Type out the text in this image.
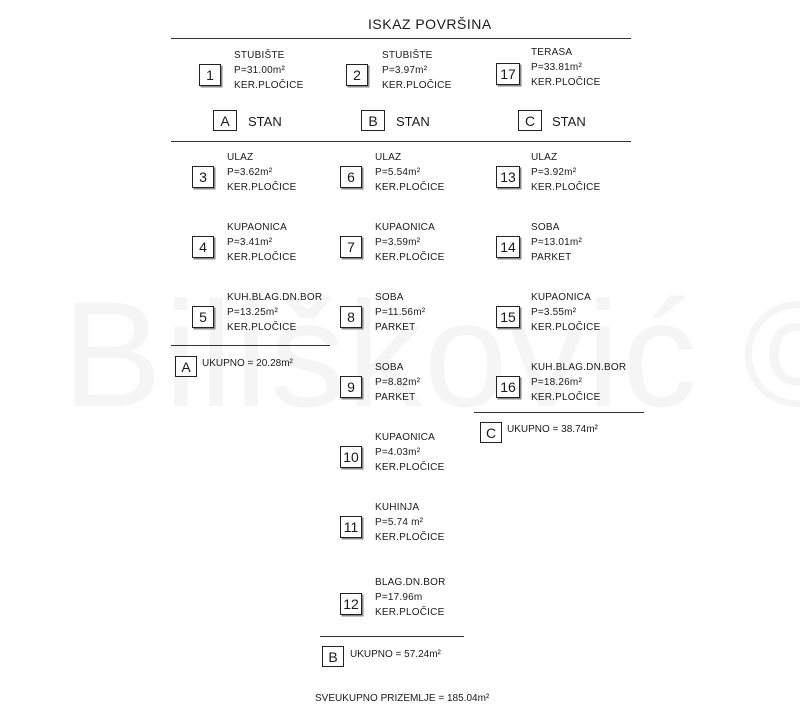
ISKAZ POVRŠINA
1
STUBIŠTE
P=31.00m²
KER.PLOČICE
2
STUBIŠTE
P=3.97m²
KER.PLOČICE
17
TERASA
P=33.81m²
KER.PLOČICE
A STAN	B STAN	C STAN
3
ULAZ
P=3.62m²
KER.PLOČICE
4
KUPAONICA
P=3.41m²
KER.PLOČICE
5
KUH.BLAG.DN.BOR
P=13.25m²
KER.PLOČICE
A UKUPNO = 20.28m²
6
ULAZ
P=5.54m²
KER.PLOČICE
7
KUPAONICA
P=3.59m²
KER.PLOČICE
8
SOBA
P=11.56m²
PARKET
9
SOBA
P=8.82m²
PARKET
10
KUPAONICA
P=4.03m²
KER.PLOČICE
11
KUHINJA
P=5.74 m²
KER.PLOČICE
12
BLAG.DN.BOR
P=17.96m
KER.PLOČICE
B UKUPNO = 57.24m²
13
ULAZ
P=3.92m²
KER.PLOČICE
14
SOBA
P=13.01m²
PARKET
15
KUPAONICA
P=3.55m²
KER.PLOČICE
16
KUH.BLAG.DN.BOR
P=18.26m²
KER.PLOČICE
C UKUPNO = 38.74m²
SVEUKUPNO PRIZEMLJE = 185.04m²
